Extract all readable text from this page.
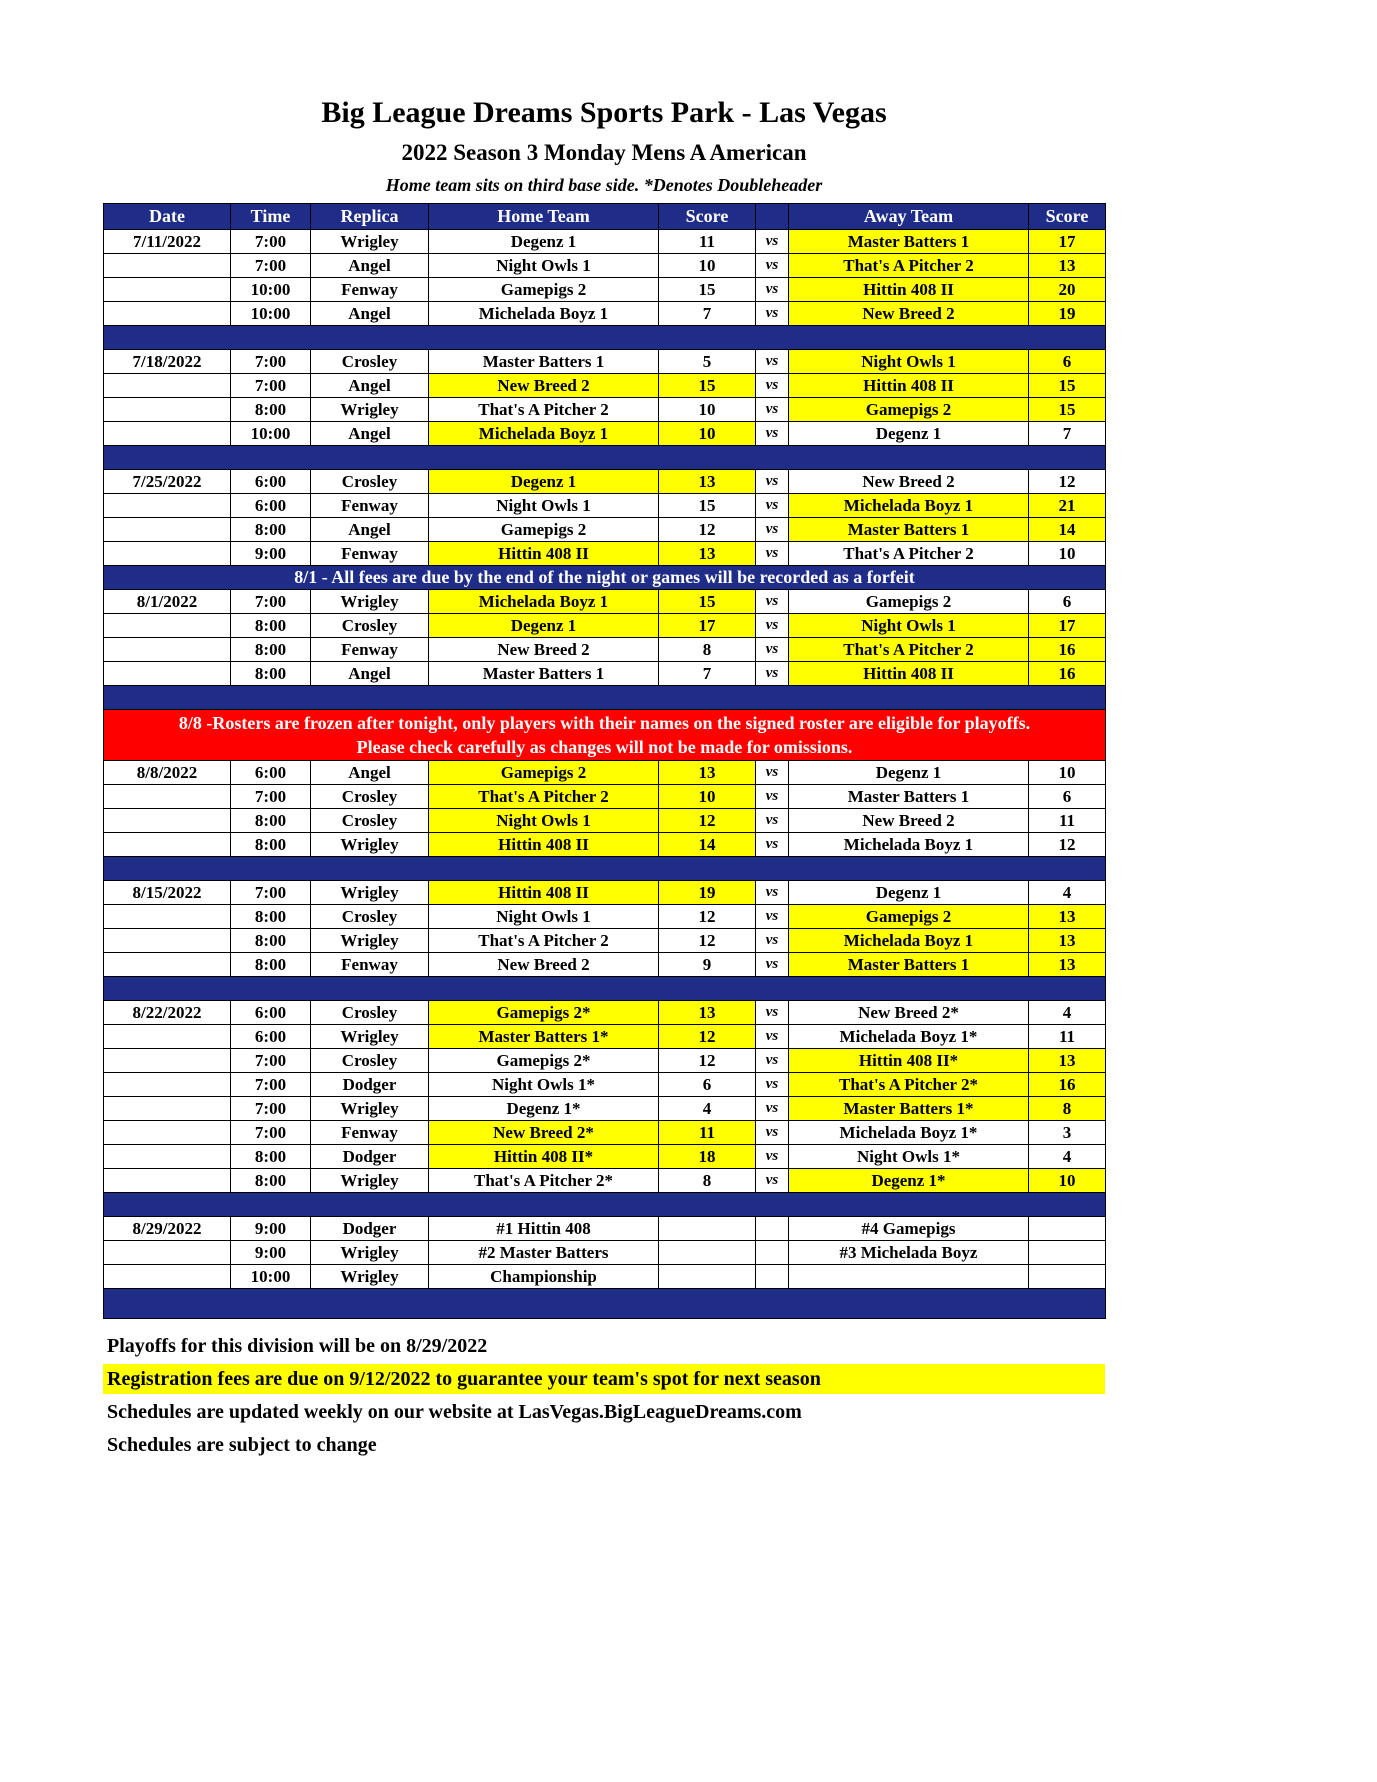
Big League Dreams Sports Park - Las Vegas
2022 Season 3 Monday Mens A American
Home team sits on third base side. *Denotes Doubleheader
Date	Time	Replica	Home Team	Score		Away Team	Score
7/11/2022	7:00	Wrigley	Degenz 1	11	vs	Master Batters 1	17
	7:00	Angel	Night Owls 1	10	vs	That's A Pitcher 2	13
	10:00	Fenway	Gamepigs 2	15	vs	Hittin 408 II	20
	10:00	Angel	Michelada Boyz 1	7	vs	New Breed 2	19

7/18/2022	7:00	Crosley	Master Batters 1	5	vs	Night Owls 1	6
	7:00	Angel	New Breed 2	15	vs	Hittin 408 II	15
	8:00	Wrigley	That's A Pitcher 2	10	vs	Gamepigs 2	15
	10:00	Angel	Michelada Boyz 1	10	vs	Degenz 1	7

7/25/2022	6:00	Crosley	Degenz 1	13	vs	New Breed 2	12
	6:00	Fenway	Night Owls 1	15	vs	Michelada Boyz 1	21
	8:00	Angel	Gamepigs 2	12	vs	Master Batters 1	14
	9:00	Fenway	Hittin 408 II	13	vs	That's A Pitcher 2	10
8/1 - All fees are due by the end of the night or games will be recorded as a forfeit							
8/1/2022	7:00	Wrigley	Michelada Boyz 1	15	vs	Gamepigs 2	6
	8:00	Crosley	Degenz 1	17	vs	Night Owls 1	17
	8:00	Fenway	New Breed 2	8	vs	That's A Pitcher 2	16
	8:00	Angel	Master Batters 1	7	vs	Hittin 408 II	16

8/8 -Rosters are frozen after tonight, only players with their names on the signed roster are eligible for playoffs.
Please check carefully as changes will not be made for omissions.							

8/8/2022	6:00	Angel	Gamepigs 2	13	vs	Degenz 1	10
	7:00	Crosley	That's A Pitcher 2	10	vs	Master Batters 1	6
	8:00	Crosley	Night Owls 1	12	vs	New Breed 2	11
	8:00	Wrigley	Hittin 408 II	14	vs	Michelada Boyz 1	12

8/15/2022	7:00	Wrigley	Hittin 408 II	19	vs	Degenz 1	4
	8:00	Crosley	Night Owls 1	12	vs	Gamepigs 2	13
	8:00	Wrigley	That's A Pitcher 2	12	vs	Michelada Boyz 1	13
	8:00	Fenway	New Breed 2	9	vs	Master Batters 1	13

8/22/2022	6:00	Crosley	Gamepigs 2*	13	vs	New Breed 2*	4
	6:00	Wrigley	Master Batters 1*	12	vs	Michelada Boyz 1*	11
	7:00	Crosley	Gamepigs 2*	12	vs	Hittin 408 II*	13
	7:00	Dodger	Night Owls 1*	6	vs	That's A Pitcher 2*	16
	7:00	Wrigley	Degenz 1*	4	vs	Master Batters 1*	8
	7:00	Fenway	New Breed 2*	11	vs	Michelada Boyz 1*	3
	8:00	Dodger	Hittin 408 II*	18	vs	Night Owls 1*	4
	8:00	Wrigley	That's A Pitcher 2*	8	vs	Degenz 1*	10

8/29/2022	9:00	Dodger	#1 Hittin 408			#4 Gamepigs	
	9:00	Wrigley	#2 Master Batters			#3 Michelada Boyz	
	10:00	Wrigley	Championship				

Playoffs for this division will be on 8/29/2022
Registration fees are due on 9/12/2022 to guarantee your team's spot for next season
Schedules are updated weekly on our website at LasVegas.BigLeagueDreams.com
Schedules are subject to change
